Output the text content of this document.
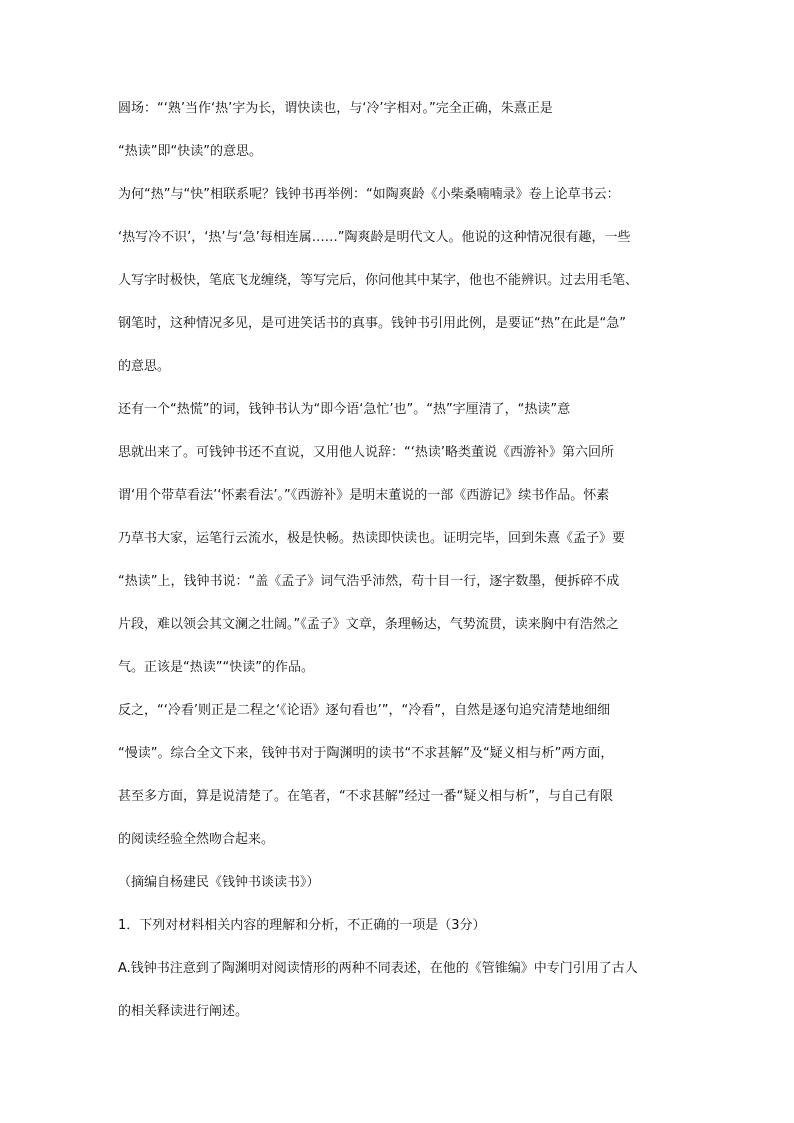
圆场：“‘熟’当作‘热’字为长，谓快读也，与‘冷’字相对。”完全正确，朱熹正是

“热读”即“快读”的意思。

为何“热”与“快”相联系呢？钱钟书再举例：“如陶爽龄《小柴桑喃喃录》卷上论草书云：

‘热写冷不识’，‘热’与‘急’每相连属……”陶爽龄是明代文人。他说的这种情况很有趣，一些

人写字时极快，笔底飞龙缠绕，等写完后，你问他其中某字，他也不能辨识。过去用毛笔、

钢笔时，这种情况多见，是可进笑话书的真事。钱钟书引用此例，是要证“热”在此是“急”

的意思。

还有一个“热慌”的词，钱钟书认为“即今语‘急忙’也”。“热”字厘清了，“热读”意

思就出来了。可钱钟书还不直说，又用他人说辞：“‘热读’略类董说《西游补》第六回所

谓‘用个带草看法’‘怀素看法’。”《西游补》是明末董说的一部《西游记》续书作品。怀素

乃草书大家，运笔行云流水，极是快畅。热读即快读也。证明完毕，回到朱熹《孟子》要

“热读”上，钱钟书说：“盖《孟子》词气浩乎沛然，苟十目一行，逐字数墨，便拆碎不成

片段，难以领会其文澜之壮阔。”《孟子》文章，条理畅达，气势流贯，读来胸中有浩然之

气。正该是“热读”“快读”的作品。

反之，“‘冷看’则正是二程之‘《论语》逐句看也’”，“冷看”，自然是逐句追究清楚地细细

“慢读”。综合全文下来，钱钟书对于陶渊明的读书“不求甚解”及“疑义相与析”两方面，

甚至多方面，算是说清楚了。在笔者，“不求甚解”经过一番“疑义相与析”，与自己有限

的阅读经验全然吻合起来。

（摘编自杨建民《钱钟书谈读书》）

1．下列对材料相关内容的理解和分析，不正确的一项是（3分）

A.钱钟书注意到了陶渊明对阅读情形的两种不同表述，在他的《管锥编》中专门引用了古人

的相关释读进行阐述。
